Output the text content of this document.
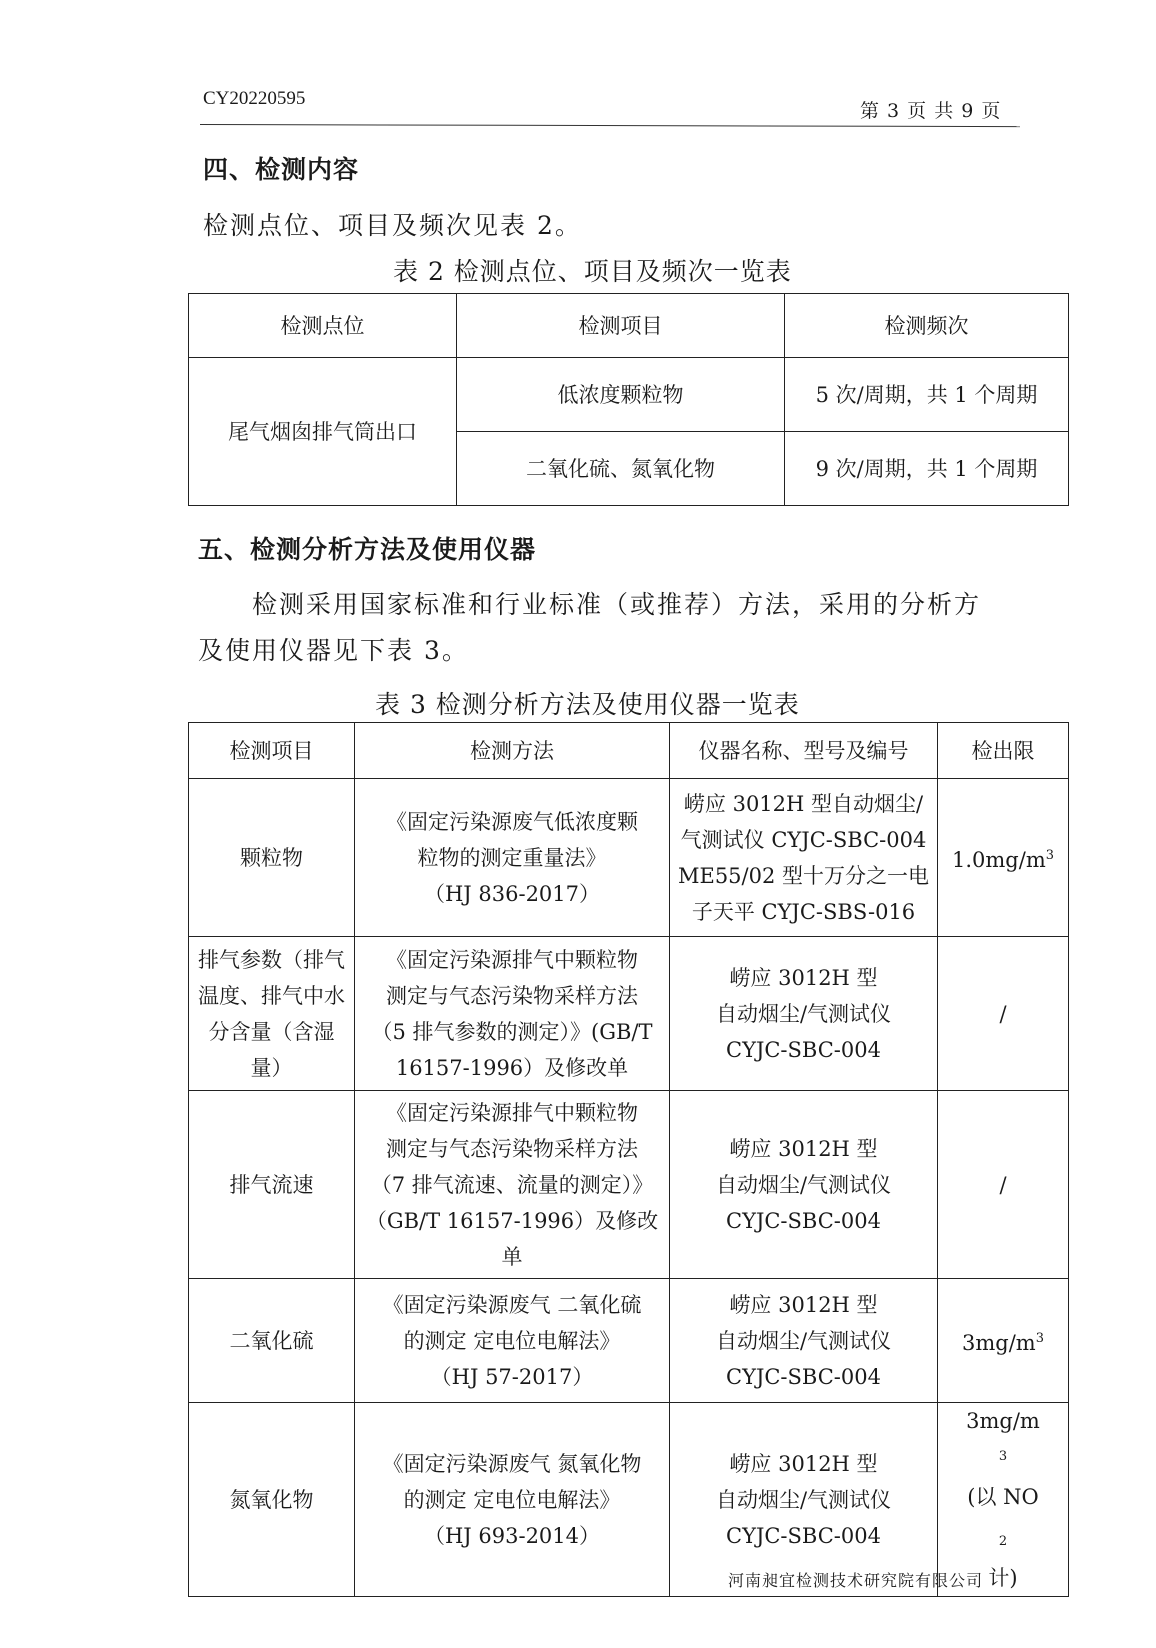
CY20220595
第 3 页 共 9 页
四、检测内容
检测点位、项目及频次见表 2。
表 2 检测点位、项目及频次一览表
检测点位	检测项目	检测频次
尾气烟囱排气筒出口	低浓度颗粒物	5 次/周期，共 1 个周期
	二氧化硫、氮氧化物	9 次/周期，共 1 个周期
五、检测分析方法及使用仪器
检测采用国家标准和行业标准（或推荐）方法，采用的分析方
及使用仪器见下表 3。
表 3 检测分析方法及使用仪器一览表
检测项目	检测方法	仪器名称、型号及编号	检出限
颗粒物	《固定污染源废气低浓度颗
粒物的测定重量法》
（HJ 836-2017）	崂应 3012H 型自动烟尘/
气测试仪 CYJC-SBC-004
ME55/02 型十万分之一电
子天平 CYJC-SBS-016	$1.0mg/m^3$

排气参数（排气
温度、排气中水
分含量（含湿
量）	《固定污染源排气中颗粒物
测定与气态污染物采样方法
（5 排气参数的测定）》(GB/T
16157-1996）及修改单	崂应 3012H 型
自动烟尘/气测试仪
CYJC-SBC-004	/
排气流速	《固定污染源排气中颗粒物
测定与气态污染物采样方法
（7 排气流速、流量的测定）》
（GB/T 16157-1996）及修改
单	崂应 3012H 型
自动烟尘/气测试仪
CYJC-SBC-004	/
二氧化硫	《固定污染源废气 二氧化硫
的测定 定电位电解法》
（HJ 57-2017）	崂应 3012H 型
自动烟尘/气测试仪
CYJC-SBC-004	$3mg/m^3$
氮氧化物	《固定污染源废气 氮氧化物
的测定 定电位电解法》
（HJ 693-2014）	崂应 3012H 型
自动烟尘/气测试仪
CYJC-SBC-004	3mg/m
$^3$
(以 NO
$_2$
计)
河南昶宜检测技术研究院有限公司
